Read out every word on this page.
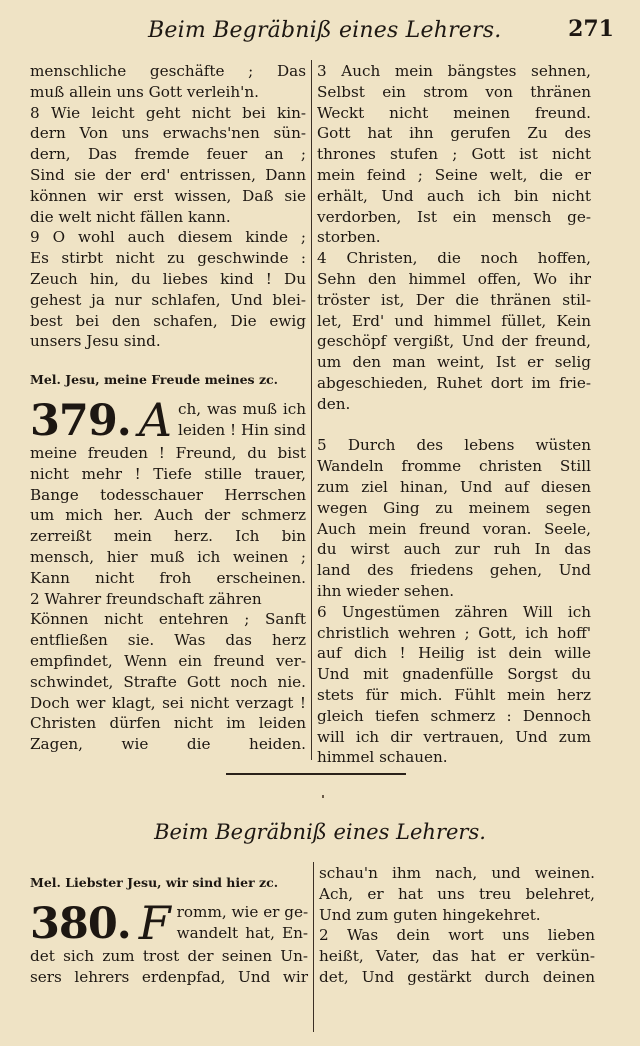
Beim Begräbniß eines Lehrers.	271
menschliche geschäfte ; Das
muß allein uns Gott verleih'n.
8 Wie leicht geht nicht bei kin-
dern Von uns erwachs'nen sün-
dern, Das fremde feuer an ;
Sind sie der erd' entrissen, Dann
können wir erst wissen, Daß sie
die welt nicht fällen kann.
9 O wohl auch diesem kinde ;
Es stirbt nicht zu geschwinde :
Zeuch hin, du liebes kind ! Du
gehest ja nur schlafen, Und blei-
best bei den schafen, Die ewig
unsers Jesu sind.
Mel. Jesu, meine Freude meines zc.
379. A ch, was muß ich
leiden ! Hin sind
meine freuden ! Freund, du bist
nicht mehr ! Tiefe stille trauer,
Bange todesschauer Herrschen
um mich her. Auch der schmerz
zerreißt mein herz. Ich bin
mensch, hier muß ich weinen ;
Kann nicht froh erscheinen.
2 Wahrer freundschaft zähren
Können nicht entehren ; Sanft
entfließen sie. Was das herz
empfindet, Wenn ein freund ver-
schwindet, Strafte Gott noch nie.
Doch wer klagt, sei nicht verzagt !
Christen dürfen nicht im leiden
Zagen, wie die heiden.

3 Auch mein bängstes sehnen,
Selbst ein strom von thränen
Weckt nicht meinen freund.
Gott hat ihn gerufen Zu des
thrones stufen ; Gott ist nicht
mein feind ; Seine welt, die er
erhält, Und auch ich bin nicht
verdorben, Ist ein mensch ge-
storben.
4 Christen, die noch hoffen,
Sehn den himmel offen, Wo ihr
tröster ist, Der die thränen stil-
let, Erd' und himmel füllet, Kein
geschöpf vergißt, Und der freund,
um den man weint, Ist er selig
abgeschieden, Ruhet dort im frie-
den.

5 Durch des lebens wüsten
Wandeln fromme christen Still
zum ziel hinan, Und auf diesen
wegen Ging zu meinem segen
Auch mein freund voran. Seele,
du wirst auch zur ruh In das
land des friedens gehen, Und
ihn wieder sehen.
6 Ungestümen zähren Will ich
christlich wehren ; Gott, ich hoff'
auf dich ! Heilig ist dein wille
Und mit gnadenfülle Sorgst du
stets für mich. Fühlt mein herz
gleich tiefen schmerz : Dennoch
will ich dir vertrauen, Und zum
himmel schauen.
Beim Begräbniß eines Lehrers.
Mel. Liebster Jesu, wir sind hier zc.
380. F romm, wie er ge-
wandelt hat, En-
det sich zum trost der seinen Un-
sers lehrers erdenpfad, Und wir
schau'n ihm nach, und weinen.
Ach, er hat uns treu belehret,
Und zum guten hingekehret.
2 Was dein wort uns lieben
heißt, Vater, das hat er verkün-
det, Und gestärkt durch deinen
